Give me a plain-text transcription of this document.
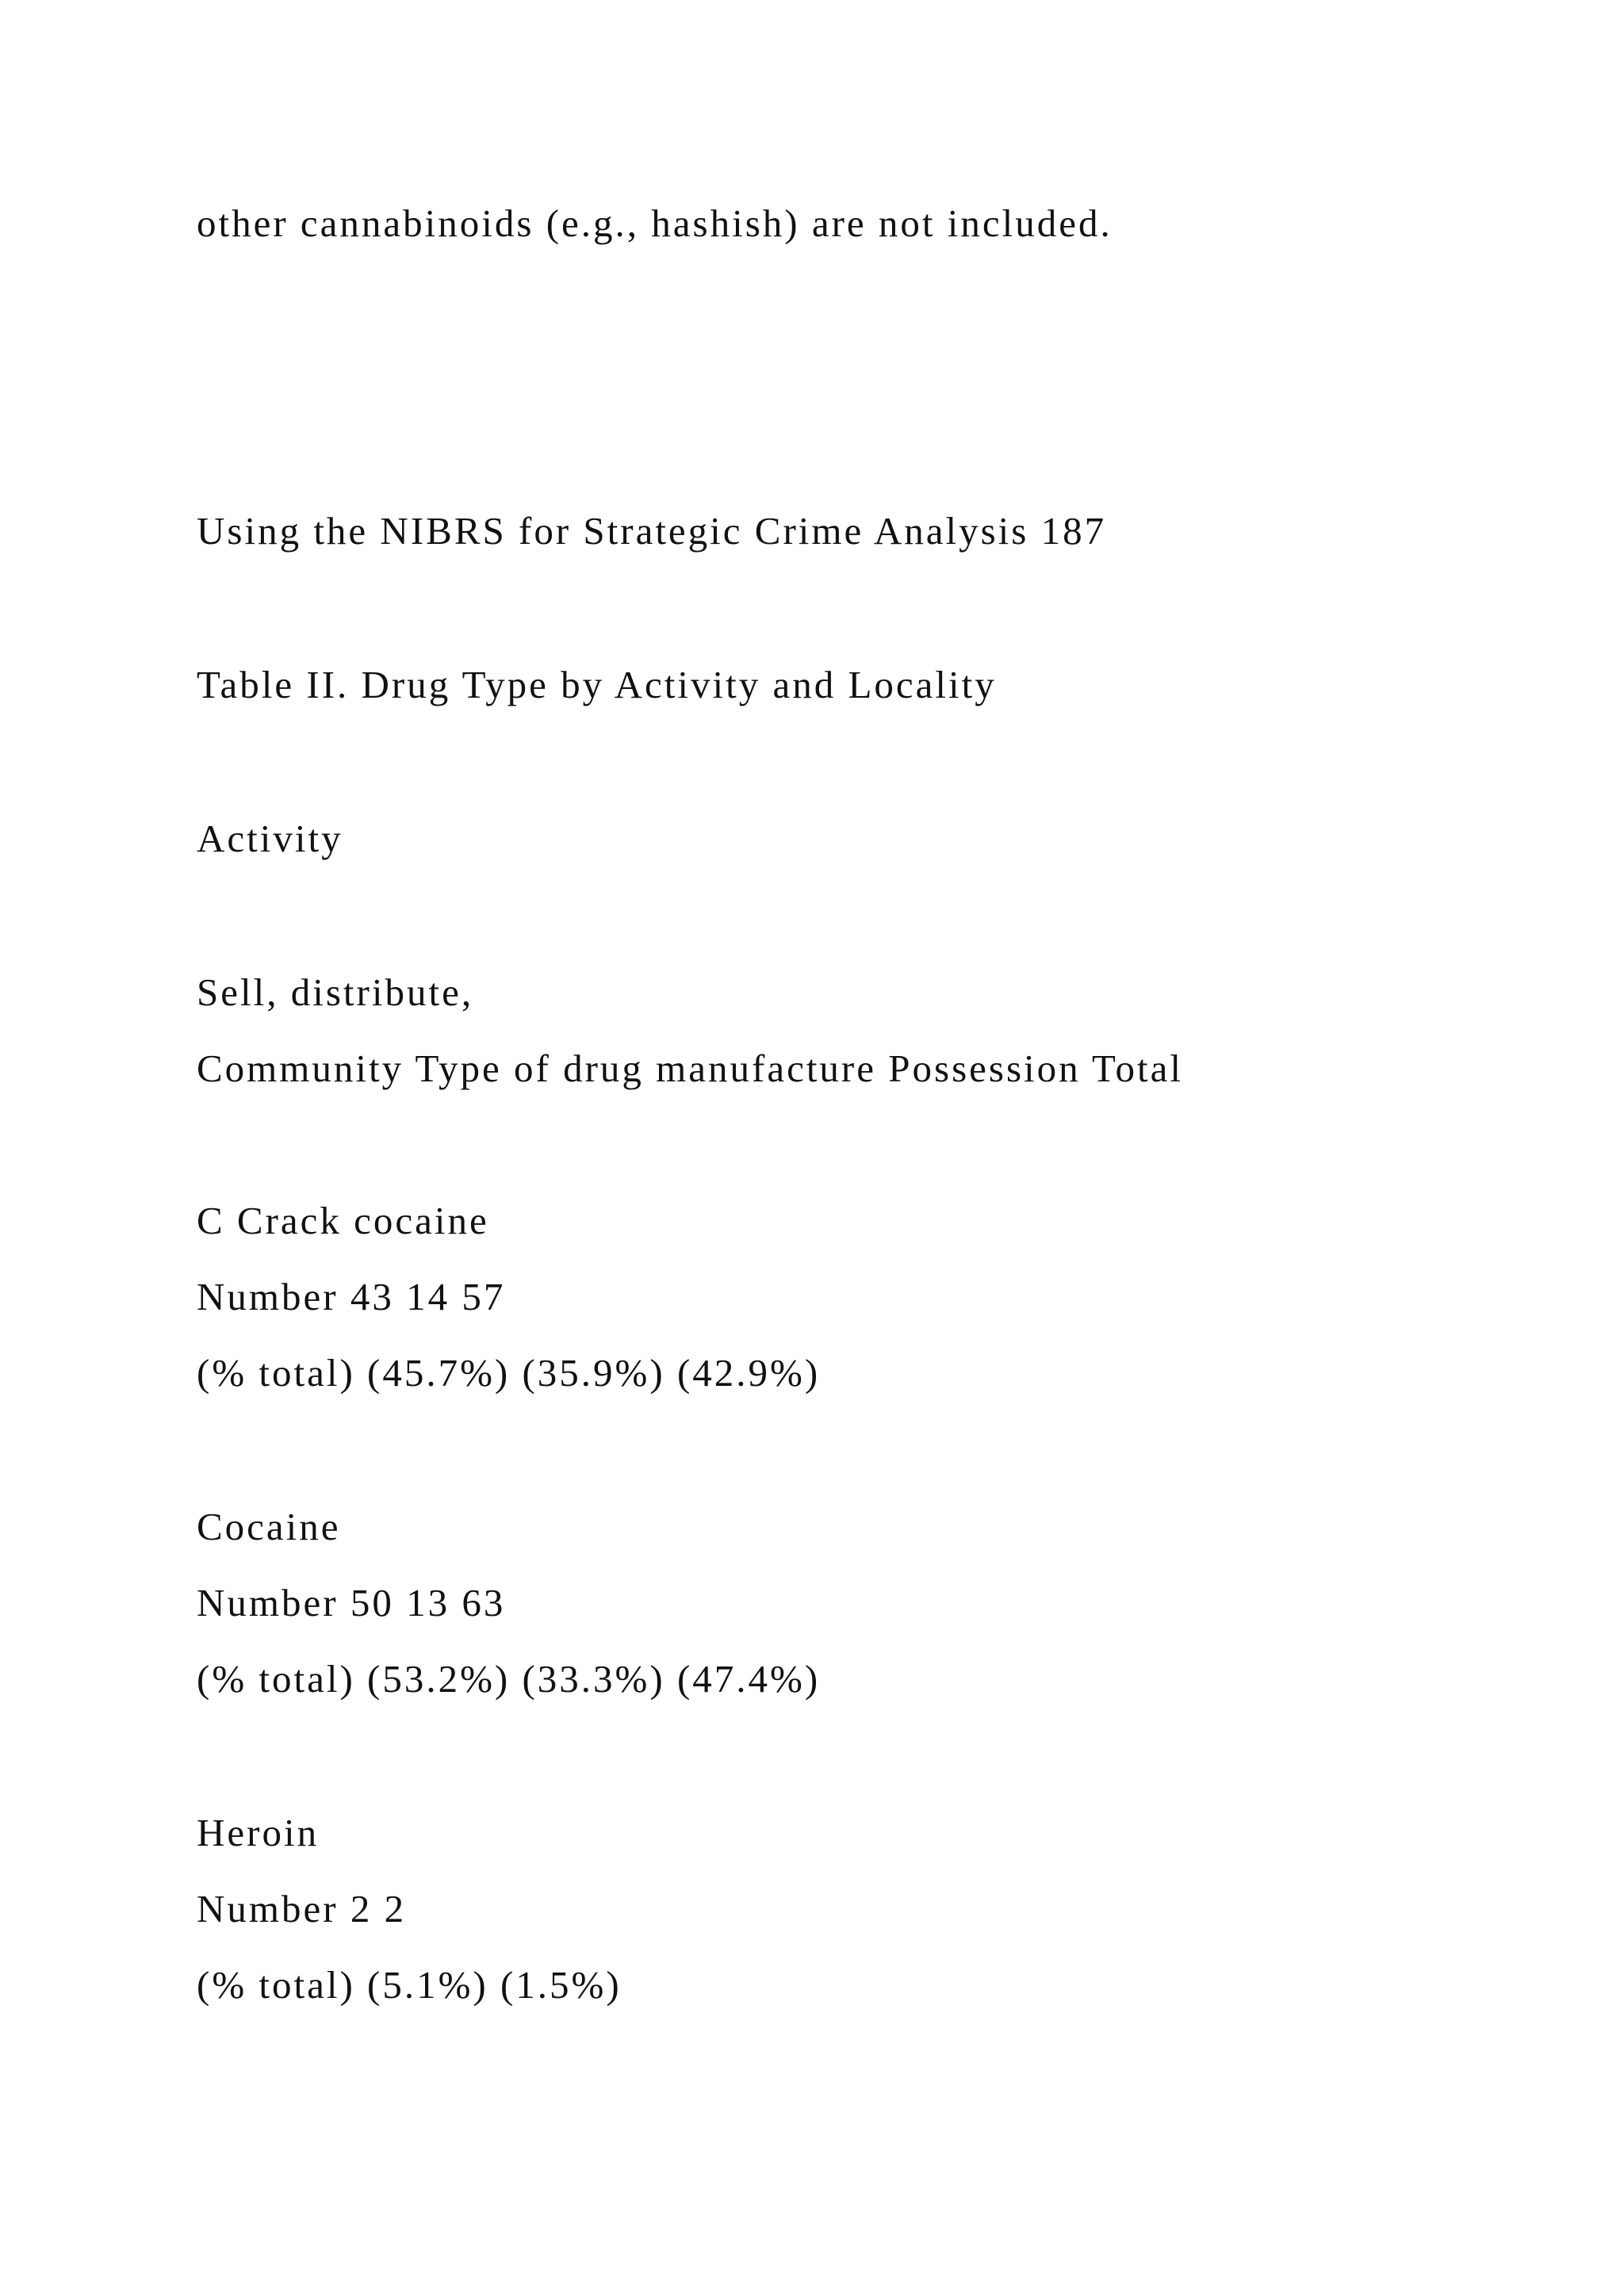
other cannabinoids (e.g., hashish) are not included.

Using the NIBRS for Strategic Crime Analysis 187

Table II. Drug Type by Activity and Locality

Activity

Sell, distribute,

Community Type of drug manufacture Possession Total

C Crack cocaine

Number 43 14 57

(% total) (45.7%) (35.9%) (42.9%)

Cocaine

Number 50 13 63

(% total) (53.2%) (33.3%) (47.4%)

Heroin

Number 2 2

(% total) (5.1%) (1.5%)
